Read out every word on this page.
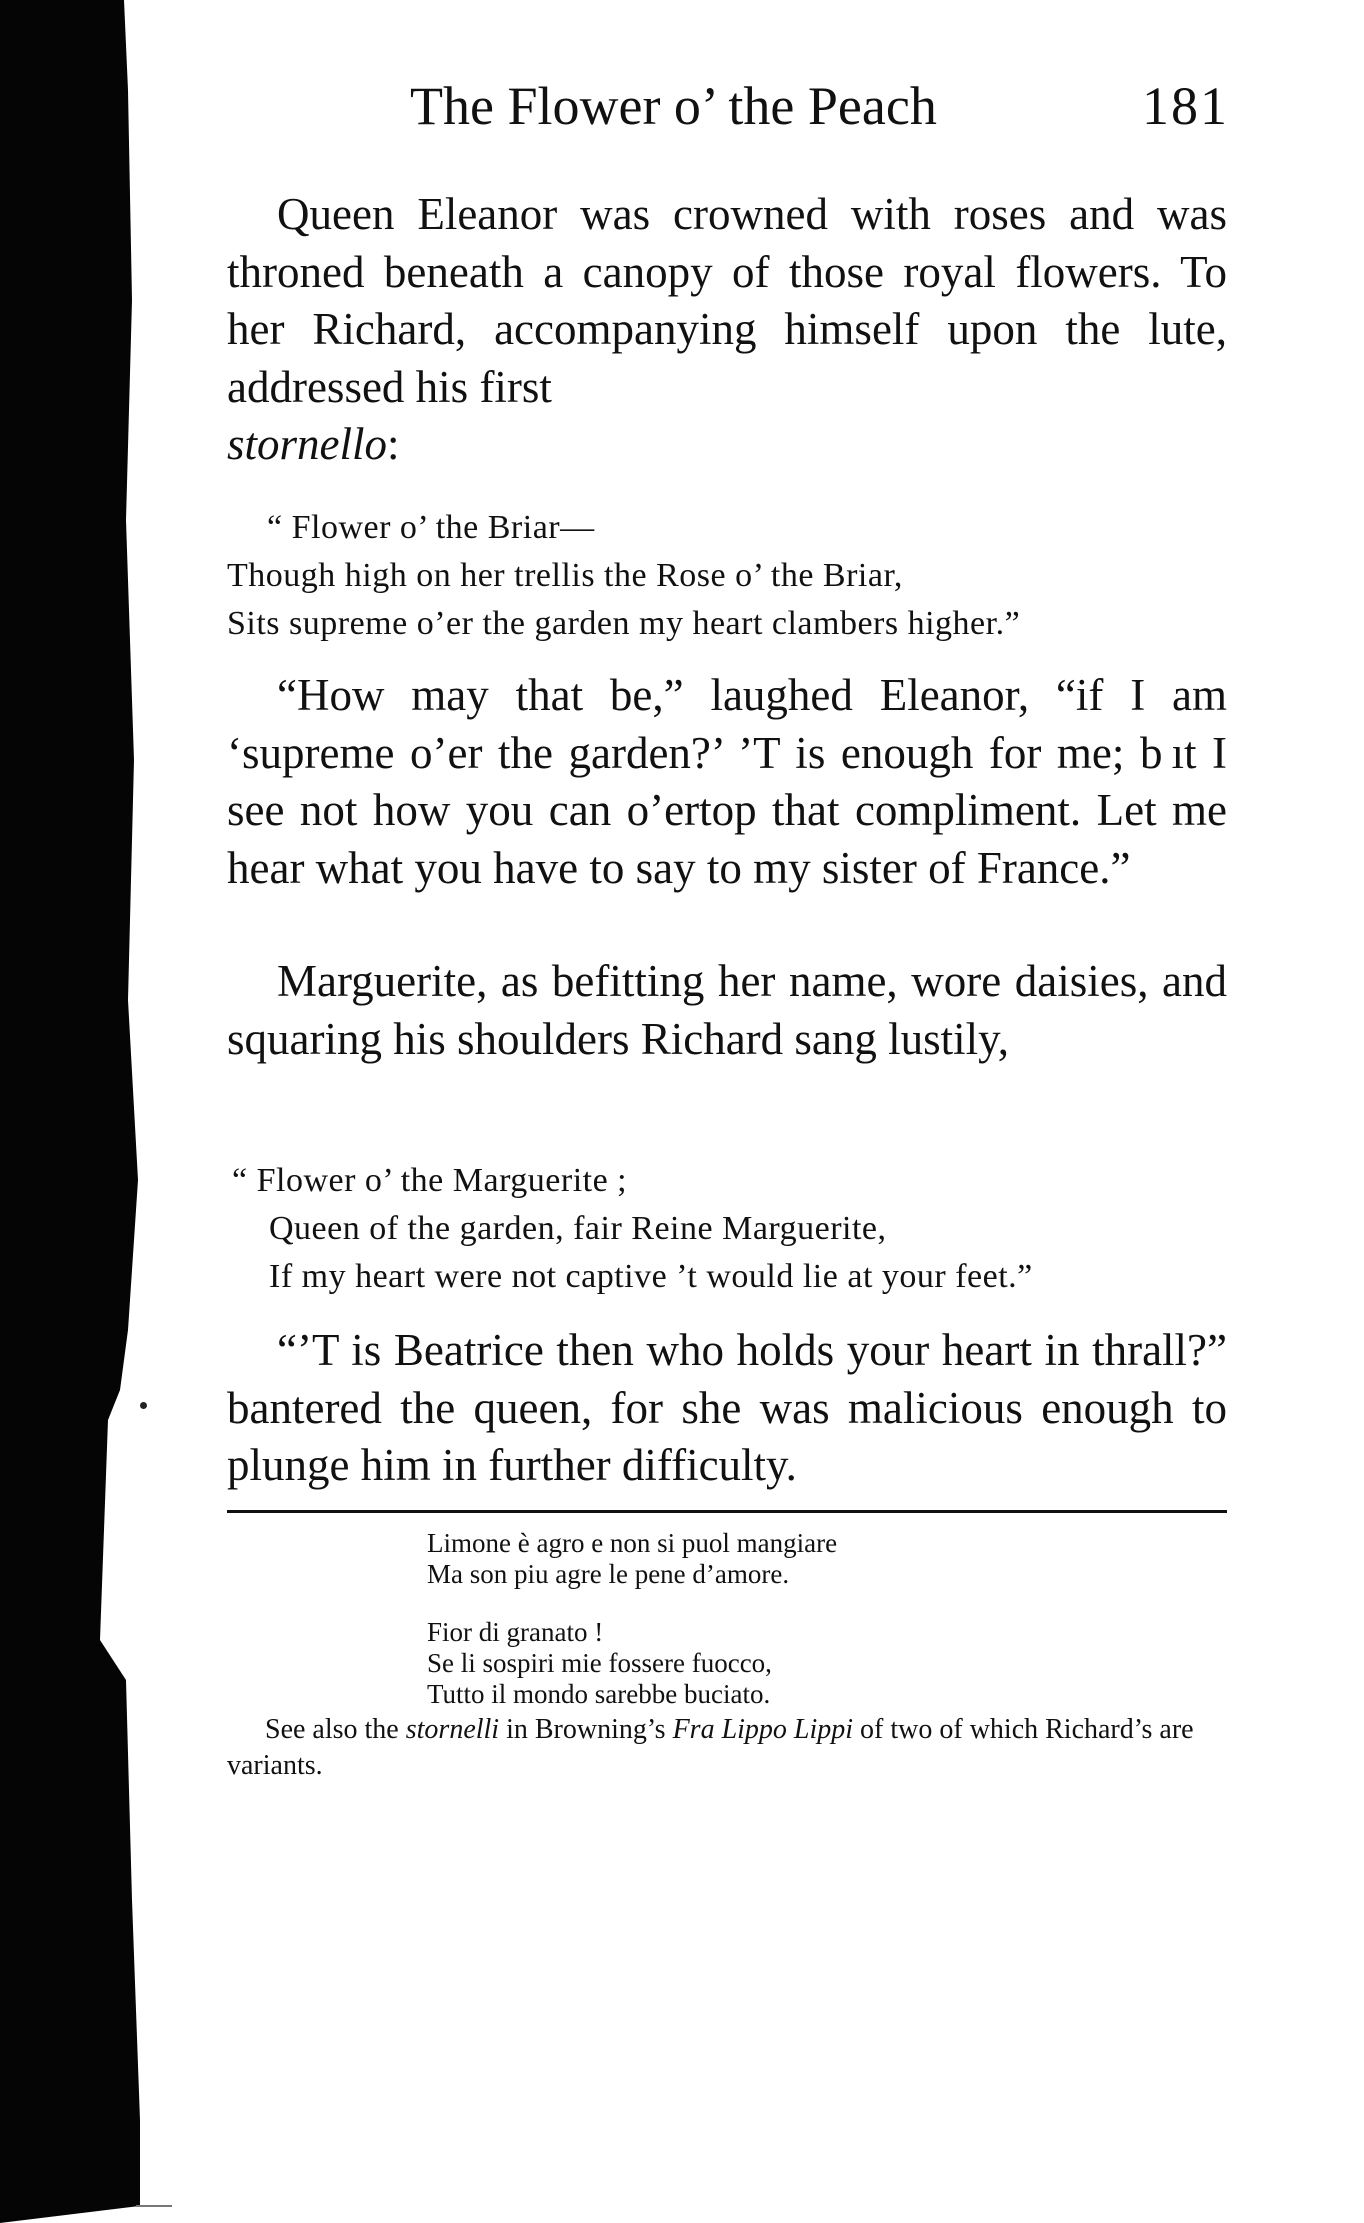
The Flower o’ the Peach	181

Queen Eleanor was crowned with roses and was throned beneath a canopy of those royal flowers. To her Richard, accompanying himself upon the lute, addressed his first
stornello:

“ Flower o’ the Briar—
Though high on her trellis the Rose o’ the Briar,
Sits supreme o’er the garden my heart clambers higher.”

“How may that be,” laughed Eleanor, “if I am ‘supreme o’er the garden?’ ’T is enough for me; b ıt I see not how you can o’ertop that compliment. Let me hear what you have to say to my sister of France.”

Marguerite, as befitting her name, wore daisies, and squaring his shoulders Richard sang lustily,

“ Flower o’ the Marguerite ;
Queen of the garden, fair Reine Marguerite,
If my heart were not captive ’t would lie at your feet.”

“’T is Beatrice then who holds your heart in thrall?” bantered the queen, for she was malicious enough to plunge him in further difficulty.

Limone è agro e non si puol mangiare
Ma son piu agre le pene d’amore.
Fior di granato !
Se li sospiri mie fossere fuocco,
Tutto il mondo sarebbe buciato.
See also the stornelli in Browning’s Fra Lippo Lippi of two of which Richard’s are variants.
